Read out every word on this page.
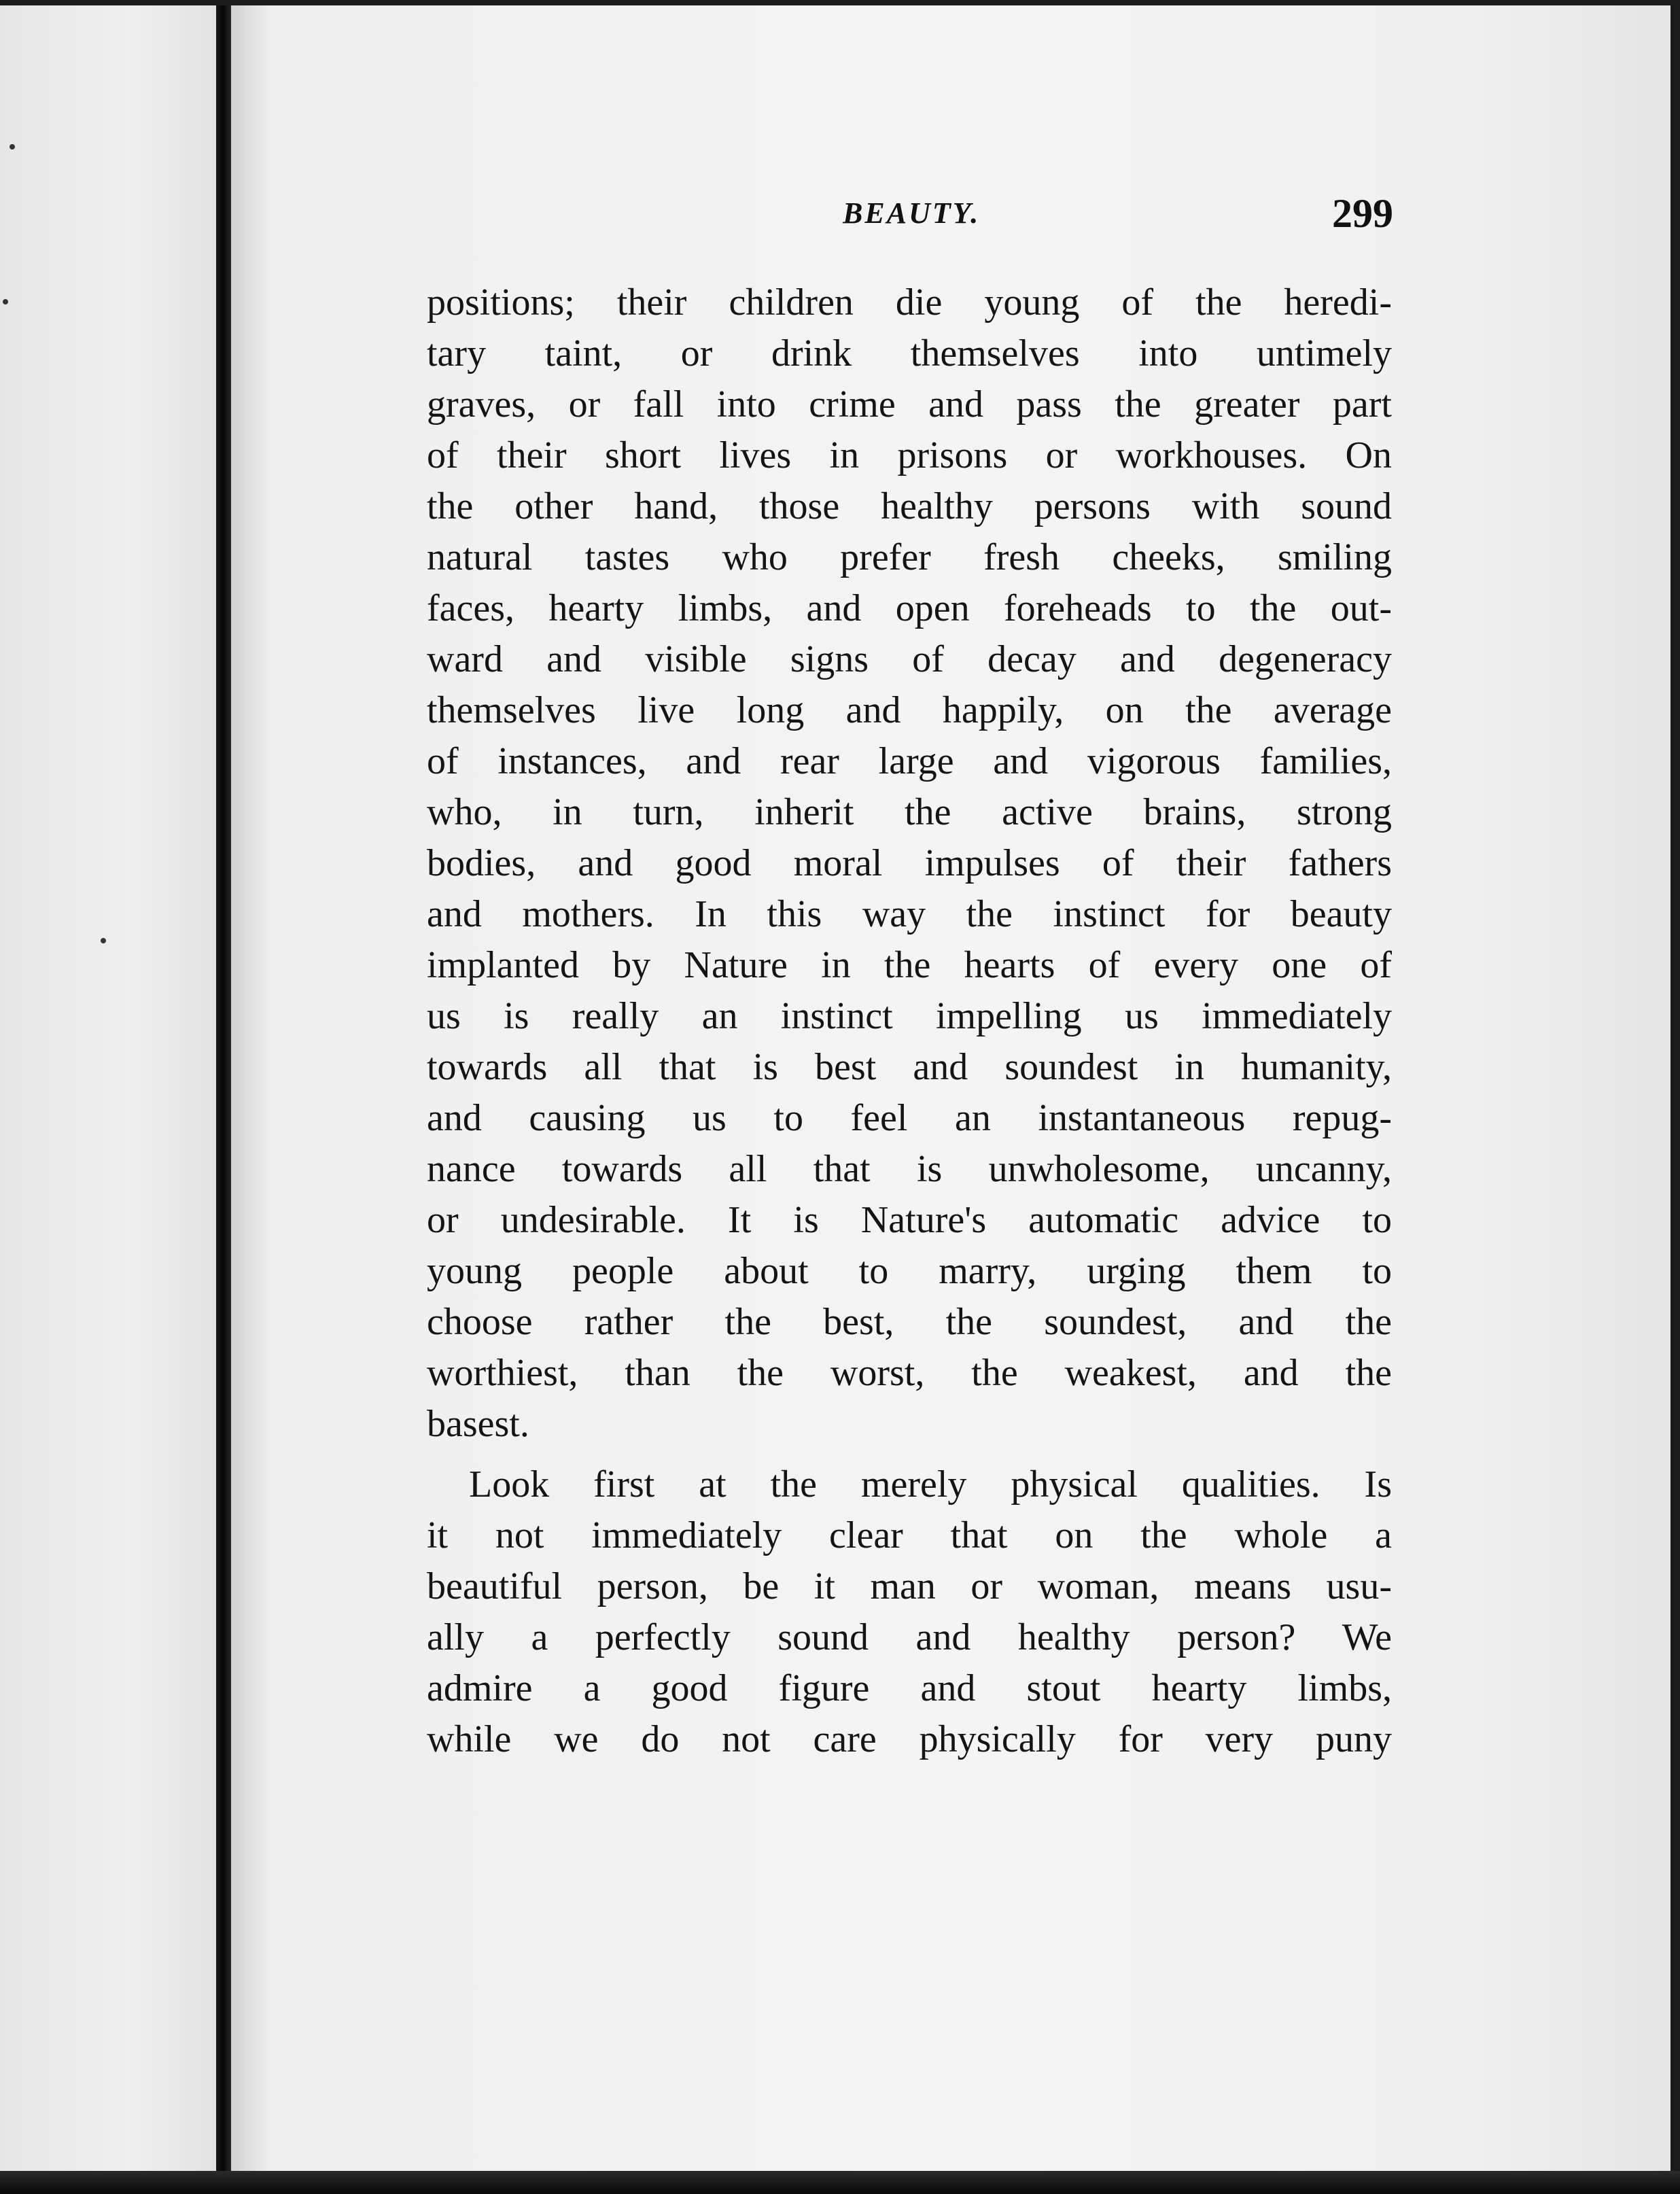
BEAUTY.	299
positions; their children die young of the heredi-
tary taint, or drink themselves into untimely
graves, or fall into crime and pass the greater part
of their short lives in prisons or workhouses. On
the other hand, those healthy persons with sound
natural tastes who prefer fresh cheeks, smiling
faces, hearty limbs, and open foreheads to the out-
ward and visible signs of decay and degeneracy
themselves live long and happily, on the average
of instances, and rear large and vigorous families,
who, in turn, inherit the active brains, strong
bodies, and good moral impulses of their fathers
and mothers. In this way the instinct for beauty
implanted by Nature in the hearts of every one of
us is really an instinct impelling us immediately
towards all that is best and soundest in humanity,
and causing us to feel an instantaneous repug-
nance towards all that is unwholesome, uncanny,
or undesirable. It is Nature's automatic advice to
young people about to marry, urging them to
choose rather the best, the soundest, and the
worthiest, than the worst, the weakest, and the
basest.
Look first at the merely physical qualities. Is
it not immediately clear that on the whole a
beautiful person, be it man or woman, means usu-
ally a perfectly sound and healthy person? We
admire a good figure and stout hearty limbs,
while we do not care physically for very puny
